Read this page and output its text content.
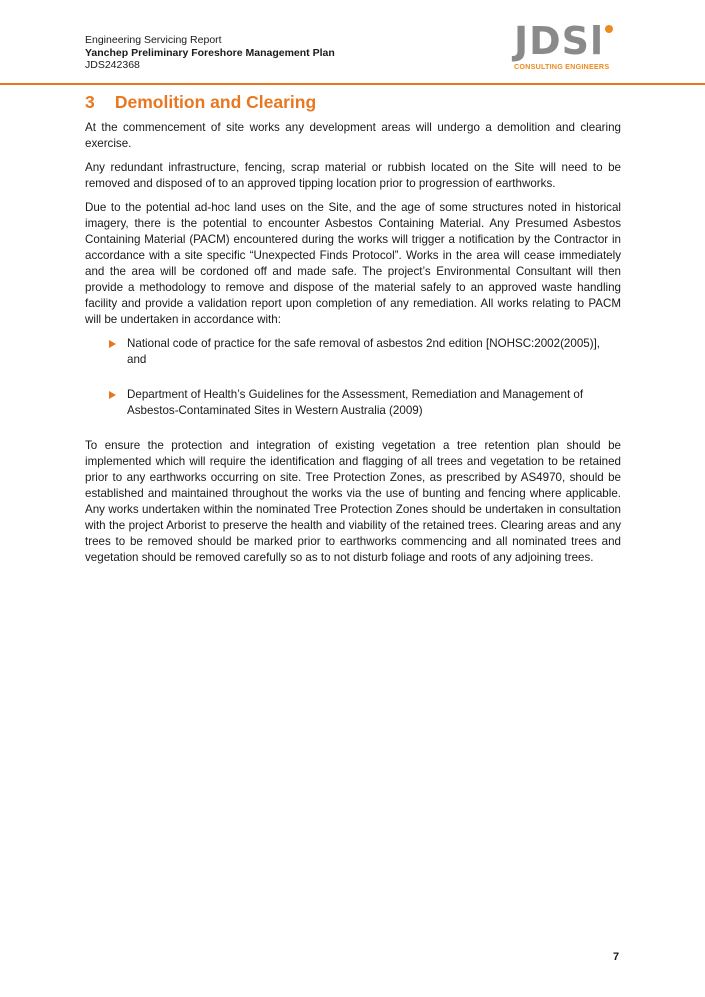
Engineering Servicing Report
Yanchep Preliminary Foreshore Management Plan
JDS242368
JDSl
CONSULTING ENGINEERS
3 Demolition and Clearing

At the commencement of site works any development areas will undergo a demolition and clearing exercise.

Any redundant infrastructure, fencing, scrap material or rubbish located on the Site will need to be removed and disposed of to an approved tipping location prior to progression of earthworks.

Due to the potential ad-hoc land uses on the Site, and the age of some structures noted in historical imagery, there is the potential to encounter Asbestos Containing Material. Any Presumed Asbestos Containing Material (PACM) encountered during the works will trigger a notification by the Contractor in accordance with a site specific “Unexpected Finds Protocol”. Works in the area will cease immediately and the area will be cordoned off and made safe. The project’s Environmental Consultant will then provide a methodology to remove and dispose of the material safely to an approved waste handling facility and provide a validation report upon completion of any remediation. All works relating to PACM will be undertaken in accordance with:

National code of practice for the safe removal of asbestos 2nd edition [NOHSC:2002(2005)], and
Department of Health’s Guidelines for the Assessment, Remediation and Management of Asbestos-Contaminated Sites in Western Australia (2009)

To ensure the protection and integration of existing vegetation a tree retention plan should be implemented which will require the identification and flagging of all trees and vegetation to be retained prior to any earthworks occurring on site. Tree Protection Zones, as prescribed by AS4970, should be established and maintained throughout the works via the use of bunting and fencing where applicable. Any works undertaken within the nominated Tree Protection Zones should be undertaken in consultation with the project Arborist to preserve the health and viability of the retained trees. Clearing areas and any trees to be removed should be marked prior to earthworks commencing and all nominated trees and vegetation should be removed carefully so as to not disturb foliage and roots of any adjoining trees.

7
